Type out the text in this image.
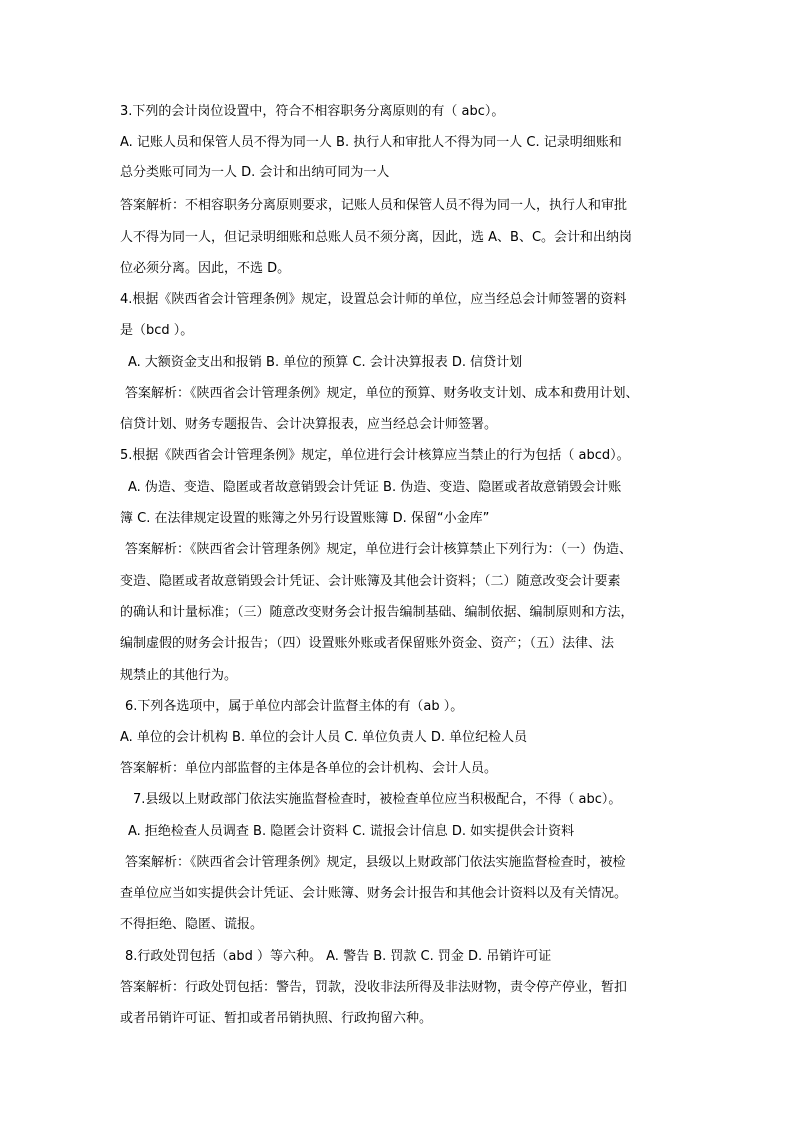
3.下列的会计岗位设置中，符合不相容职务分离原则的有（ abc）。
A. 记账人员和保管人员不得为同一人 B. 执行人和审批人不得为同一人 C. 记录明细账和
总分类账可同为一人 D. 会计和出纳可同为一人
答案解析：不相容职务分离原则要求，记账人员和保管人员不得为同一人，执行人和审批
人不得为同一人，但记录明细账和总账人员不须分离，因此，选 A、B、C。会计和出纳岗
位必须分离。因此，不选 D。
4.根据《陕西省会计管理条例》规定，设置总会计师的单位，应当经总会计师签署的资料
是（bcd ）。
A. 大额资金支出和报销 B. 单位的预算 C. 会计决算报表 D. 信贷计划
答案解析：《陕西省会计管理条例》规定，单位的预算、财务收支计划、成本和费用计划、
信贷计划、财务专题报告、会计决算报表，应当经总会计师签署。
5.根据《陕西省会计管理条例》规定，单位进行会计核算应当禁止的行为包括（ abcd）。
A. 伪造、变造、隐匿或者故意销毁会计凭证 B. 伪造、变造、隐匿或者故意销毁会计账
簿 C. 在法律规定设置的账簿之外另行设置账簿 D. 保留“小金库”
答案解析：《陕西省会计管理条例》规定，单位进行会计核算禁止下列行为：（一）伪造、
变造、隐匿或者故意销毁会计凭证、会计账簿及其他会计资料；（二）随意改变会计要素
的确认和计量标准；（三）随意改变财务会计报告编制基础、编制依据、编制原则和方法，
编制虚假的财务会计报告；（四）设置账外账或者保留账外资金、资产；（五）法律、法
规禁止的其他行为。
6.下列各选项中，属于单位内部会计监督主体的有（ab ）。
A. 单位的会计机构 B. 单位的会计人员 C. 单位负责人 D. 单位纪检人员
答案解析：单位内部监督的主体是各单位的会计机构、会计人员。
7.县级以上财政部门依法实施监督检查时，被检查单位应当积极配合，不得（ abc）。
A. 拒绝检查人员调查 B. 隐匿会计资料 C. 谎报会计信息 D. 如实提供会计资料
答案解析：《陕西省会计管理条例》规定，县级以上财政部门依法实施监督检查时，被检
查单位应当如实提供会计凭证、会计账簿、财务会计报告和其他会计资料以及有关情况。
不得拒绝、隐匿、谎报。
8.行政处罚包括（abd ）等六种。 A. 警告 B. 罚款 C. 罚金 D. 吊销许可证
答案解析：行政处罚包括：警告，罚款，没收非法所得及非法财物，责令停产停业，暂扣
或者吊销许可证、暂扣或者吊销执照、行政拘留六种。
